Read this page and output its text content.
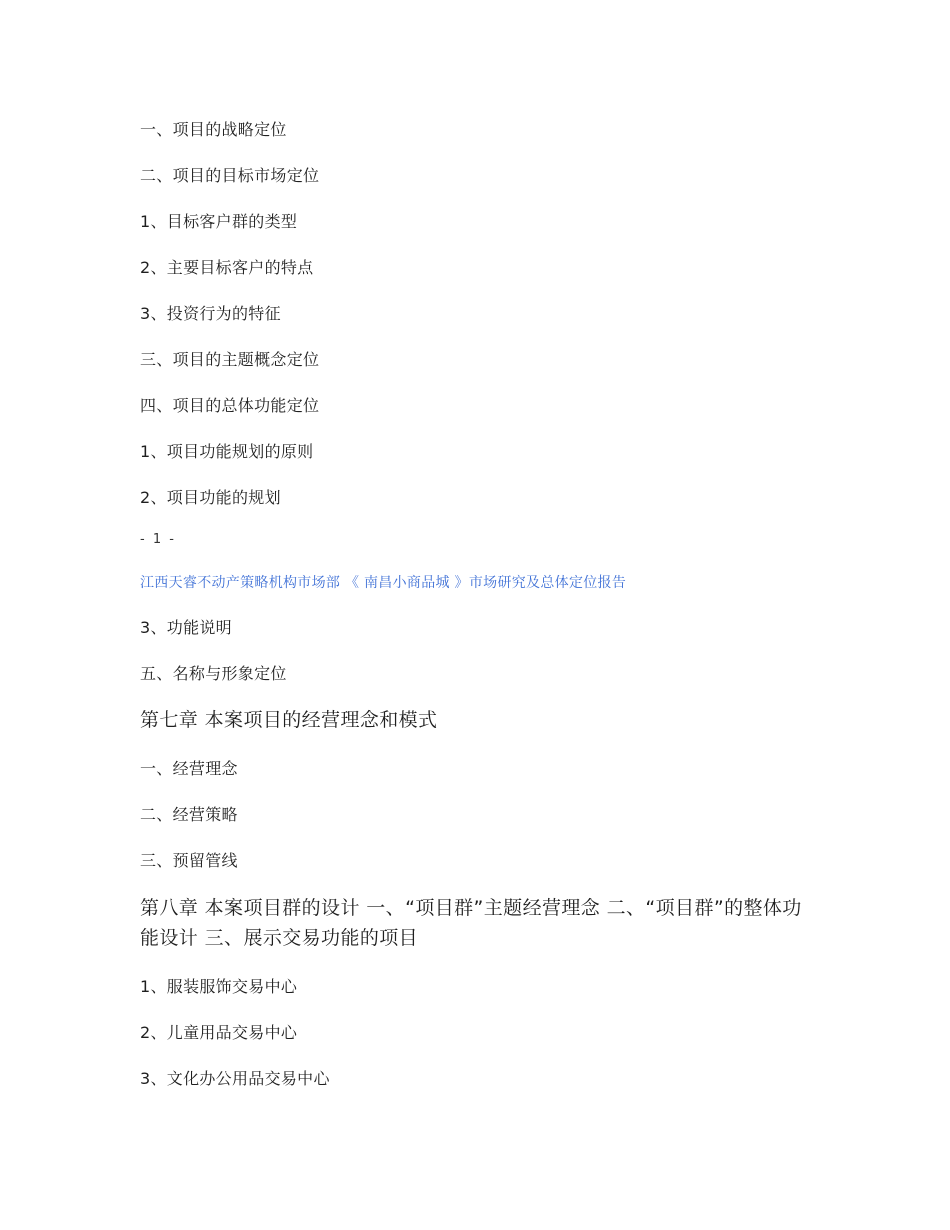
一、项目的战略定位
二、项目的目标市场定位
1、目标客户群的类型
2、主要目标客户的特点
3、投资行为的特征
三、项目的主题概念定位
四、项目的总体功能定位
1、项目功能规划的原则
2、项目功能的规划
- 1 -
江西天睿不动产策略机构市场部 《 南昌小商品城 》市场研究及总体定位报告
3、功能说明
五、名称与形象定位
第七章 本案项目的经营理念和模式
一、经营理念
二、经营策略
三、预留管线
第八章 本案项目群的设计 一、“项目群”主题经营理念 二、“项目群”的整体功能设计 三、展示交易功能的项目
1、服装服饰交易中心
2、儿童用品交易中心
3、文化办公用品交易中心
